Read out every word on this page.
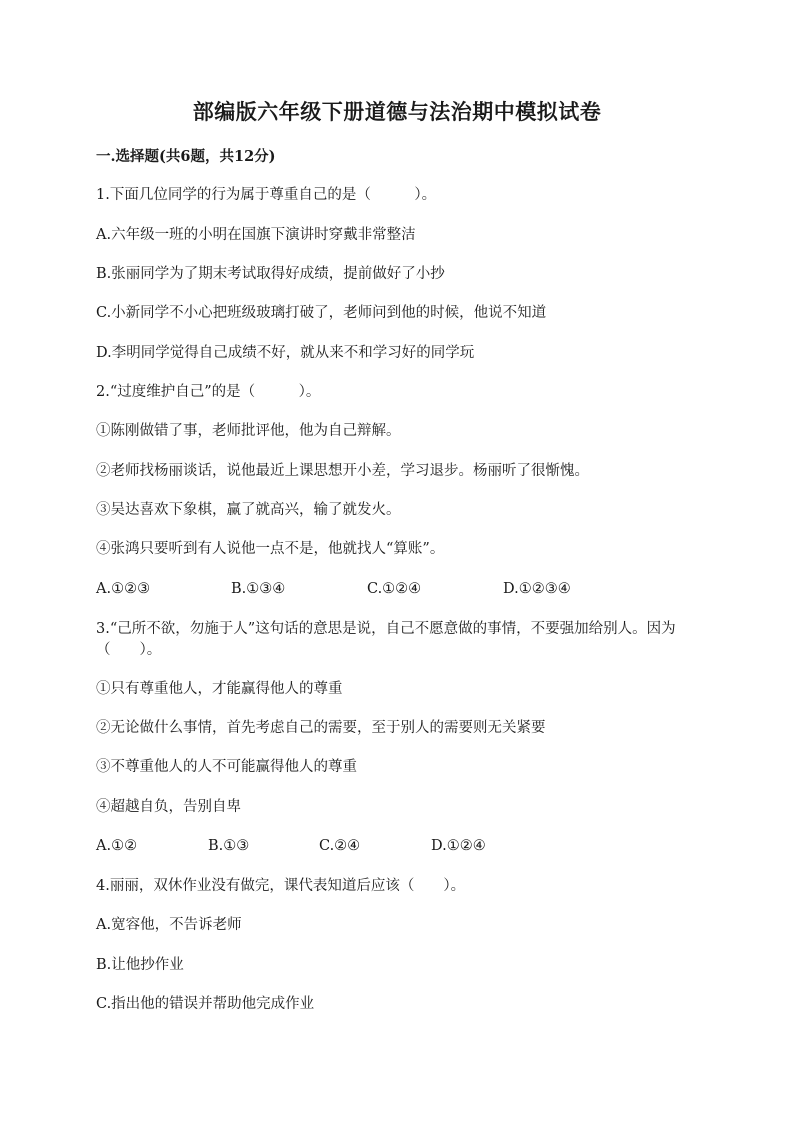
部编版六年级下册道德与法治期中模拟试卷
一.选择题(共6题，共12分)
1.下面几位同学的行为属于尊重自己的是（　　　）。
A.六年级一班的小明在国旗下演讲时穿戴非常整洁
B.张丽同学为了期末考试取得好成绩，提前做好了小抄
C.小新同学不小心把班级玻璃打破了，老师问到他的时候，他说不知道
D.李明同学觉得自己成绩不好，就从来不和学习好的同学玩
2.“过度维护自己”的是（　　　）。
①陈刚做错了事，老师批评他，他为自己辩解。
②老师找杨丽谈话，说他最近上课思想开小差，学习退步。杨丽听了很惭愧。
③吴达喜欢下象棋，赢了就高兴，输了就发火。
④张鸿只要听到有人说他一点不是，他就找人“算账”。
A.①②③	B.①③④	C.①②④	D.①②③④
3.“己所不欲，勿施于人”这句话的意思是说，自己不愿意做的事情，不要强加给别人。因为（　　）。
①只有尊重他人，才能赢得他人的尊重
②无论做什么事情，首先考虑自己的需要，至于别人的需要则无关紧要
③不尊重他人的人不可能赢得他人的尊重
④超越自负，告别自卑
A.①②	B.①③	C.②④	D.①②④
4.丽丽，双休作业没有做完，课代表知道后应该（　　）。
A.宽容他，不告诉老师
B.让他抄作业
C.指出他的错误并帮助他完成作业
